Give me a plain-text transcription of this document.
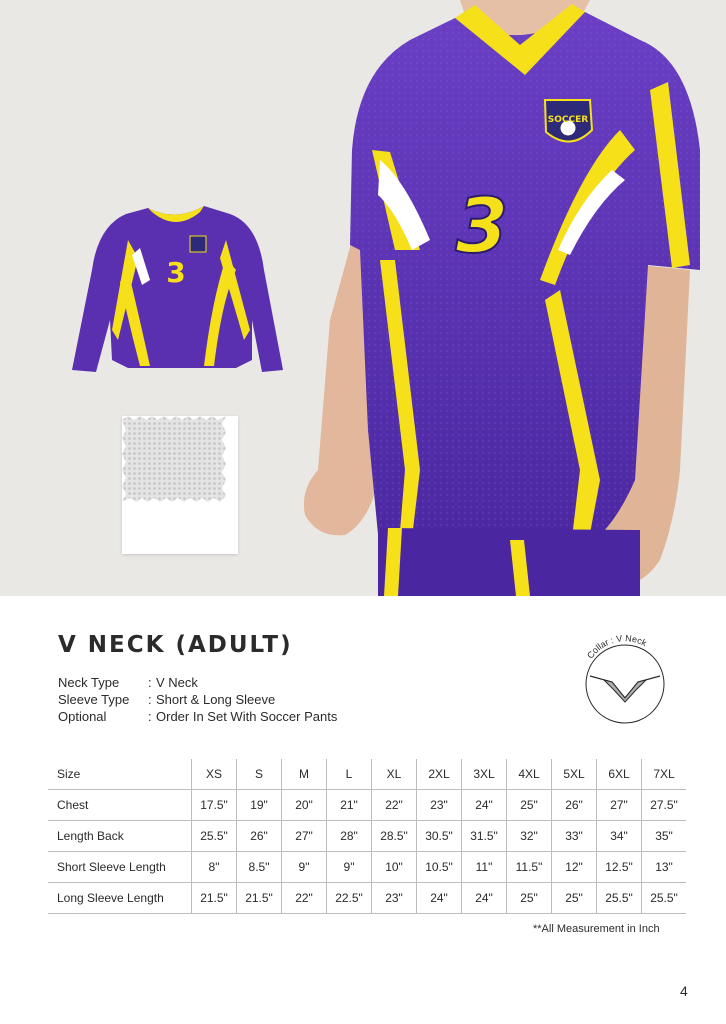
SOCCER
3
3
V NECK (ADULT)
Neck Type	: V Neck
Sleeve Type	: Short & Long Sleeve
Optional	: Order In Set With Soccer Pants
Collar : V Neck
Size	XS	S	M	L	XL	2XL	3XL	4XL	5XL	6XL	7XL
Chest	17.5"	19"	20"	21"	22"	23"	24"	25"	26"	27"	27.5"
Length Back	25.5"	26"	27"	28"	28.5"	30.5"	31.5"	32"	33"	34"	35"
Short Sleeve Length	8"	8.5"	9"	9"	10"	10.5"	11"	11.5"	12"	12.5"	13"
Long Sleeve Length	21.5"	21.5"	22"	22.5"	23"	24"	24"	25"	25"	25.5"	25.5"
**All Measurement in Inch
4
